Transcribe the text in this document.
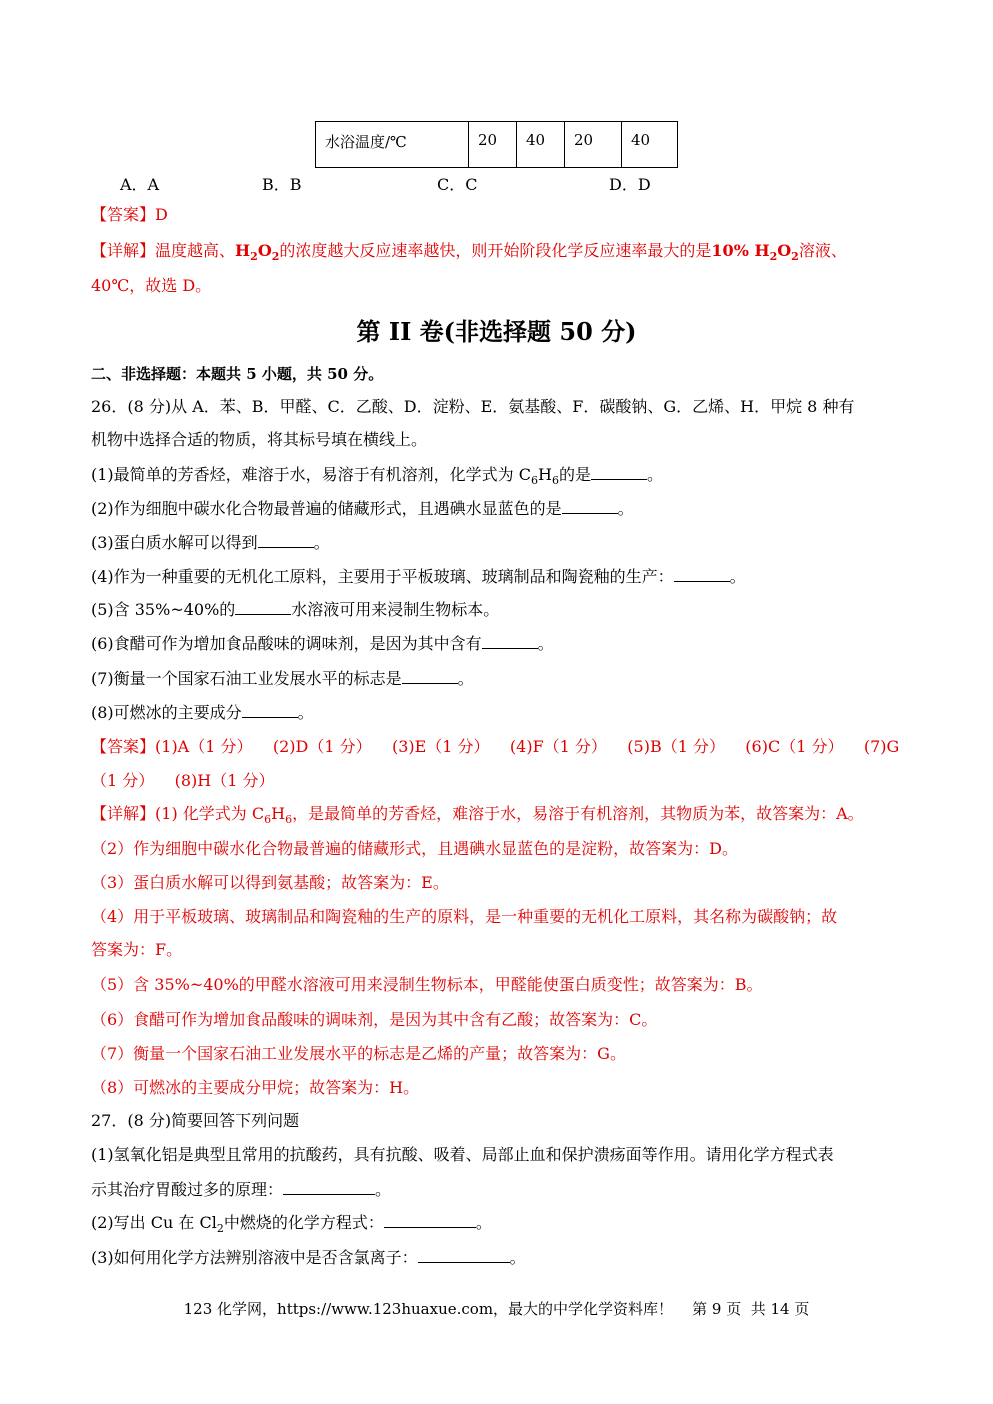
水浴温度/℃	20	40	20	40
A．A	B．B	C．C	D．D
【答案】D
【详解】温度越高、$H_2O_2$的浓度越大反应速率越快，则开始阶段化学反应速率最大的是10% $H_2O_2$溶液、
40℃，故选 D。
第 II 卷(非选择题 50 分)
二、非选择题：本题共 5 小题，共 50 分。
26．(8 分)从 A．苯、B．甲醛、C．乙酸、D．淀粉、E．氨基酸、F．碳酸钠、G．乙烯、H．甲烷 8 种有
机物中选择合适的物质，将其标号填在横线上。
(1)最简单的芳香烃，难溶于水，易溶于有机溶剂，化学式为 $C_6H_6$的是	。
(2)作为细胞中碳水化合物最普遍的储藏形式，且遇碘水显蓝色的是	。
(3)蛋白质水解可以得到	。
(4)作为一种重要的无机化工原料，主要用于平板玻璃、玻璃制品和陶瓷釉的生产：	。
(5)含 35%~40%的	水溶液可用来浸制生物标本。
(6)食醋可作为增加食品酸味的调味剂，是因为其中含有	。
(7)衡量一个国家石油工业发展水平的标志是	。
(8)可燃冰的主要成分	。
【答案】(1)A（1 分）    (2)D（1 分）    (3)E（1 分）    (4)F（1 分）    (5)B（1 分）    (6)C（1 分）    (7)G
（1 分）    (8)H（1 分）
【详解】(1) 化学式为 $C_6H_6$，是最简单的芳香烃，难溶于水，易溶于有机溶剂，其物质为苯，故答案为：A。
（2）作为细胞中碳水化合物最普遍的储藏形式，且遇碘水显蓝色的是淀粉，故答案为：D。
（3）蛋白质水解可以得到氨基酸；故答案为：E。
（4）用于平板玻璃、玻璃制品和陶瓷釉的生产的原料，是一种重要的无机化工原料，其名称为碳酸钠；故
答案为：F。
（5）含 35%~40%的甲醛水溶液可用来浸制生物标本，甲醛能使蛋白质变性；故答案为：B。
（6）食醋可作为增加食品酸味的调味剂，是因为其中含有乙酸；故答案为：C。
（7）衡量一个国家石油工业发展水平的标志是乙烯的产量；故答案为：G。
（8）可燃冰的主要成分甲烷；故答案为：H。
27．(8 分)简要回答下列问题
(1)氢氧化铝是典型且常用的抗酸药，具有抗酸、吸着、局部止血和保护溃疡面等作用。请用化学方程式表
示其治疗胃酸过多的原理：	。
(2)写出 Cu 在 $Cl_2$中燃烧的化学方程式：	。
(3)如何用化学方法辨别溶液中是否含氯离子：	。
123 化学网，https://www.123huaxue.com，最大的中学化学资料库！    第 9 页  共 14 页
